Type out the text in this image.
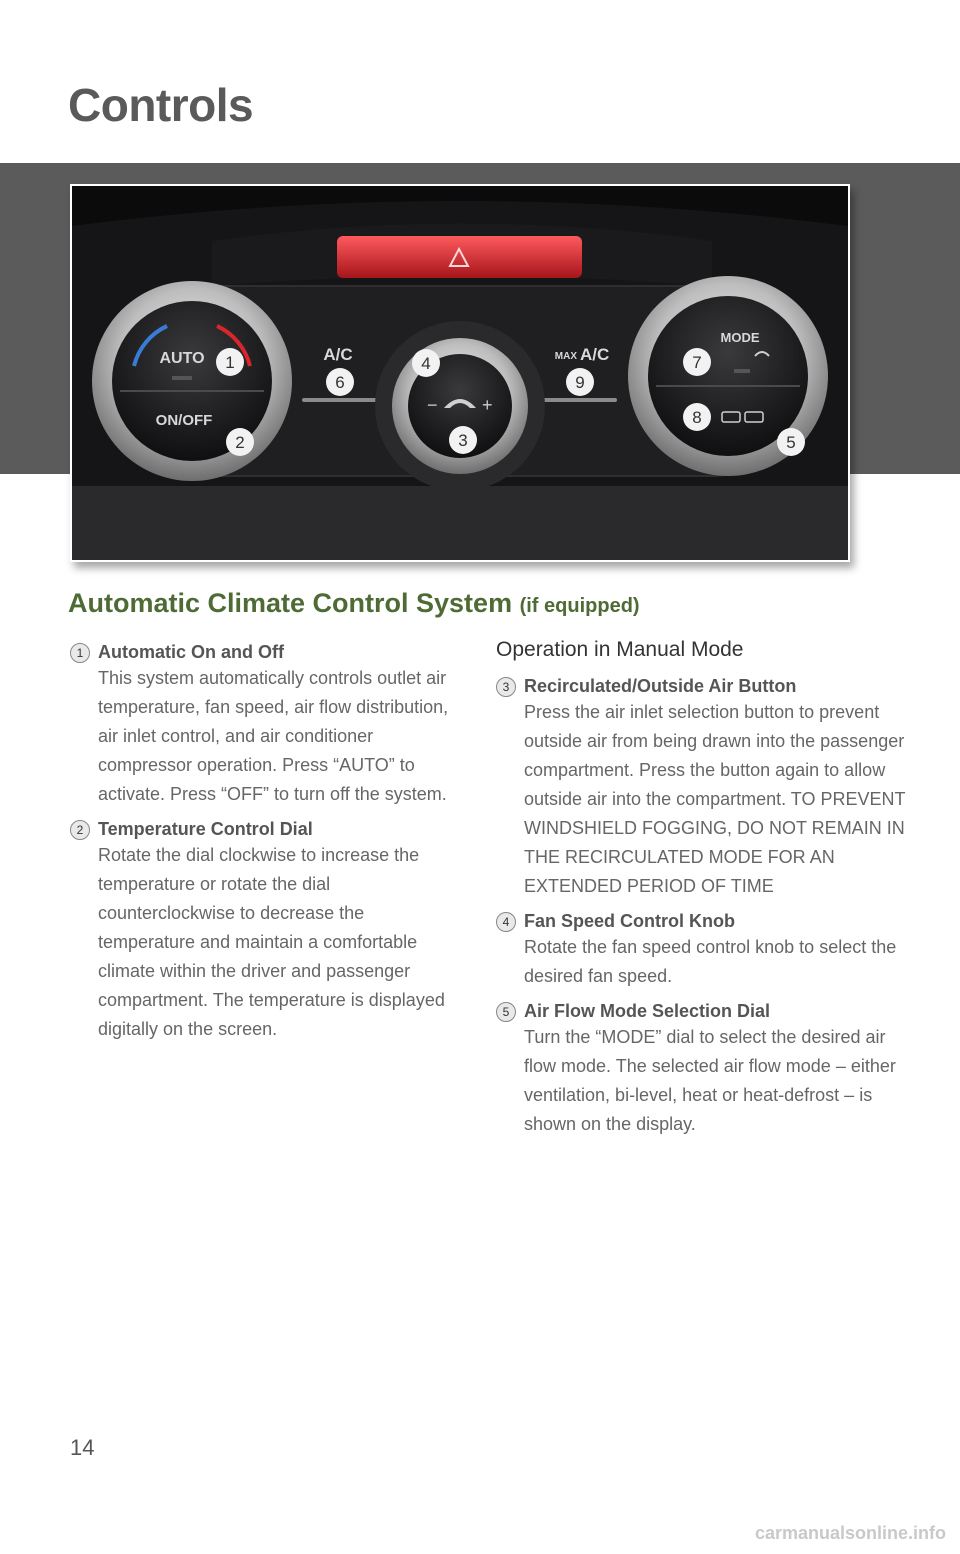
Controls
AUTO
ON/OFF
− +
A/C	MAX A/C
MODE
1
2	3
4
5
6
7
8
9
Automatic Climate Control System (if equipped)
1 Automatic On and Off
This system automatically controls outlet air temperature, fan speed, air flow distribution, air inlet control, and air conditioner compressor operation. Press “AUTO” to activate. Press “OFF” to turn off the system.
2 Temperature Control Dial
Rotate the dial clockwise to increase the temperature or rotate the dial counterclockwise to decrease the temperature and maintain a comfortable climate within the driver and passenger compartment. The temperature is displayed digitally on the screen.
Operation in Manual Mode
3 Recirculated/Outside Air Button
Press the air inlet selection button to prevent outside air from being drawn into the passenger compartment. Press the button again to allow outside air into the compartment. TO PREVENT WINDSHIELD FOGGING, DO NOT REMAIN IN THE RECIRCULATED MODE FOR AN EXTENDED PERIOD OF TIME
4 Fan Speed Control Knob
Rotate the fan speed control knob to select the desired fan speed.
5 Air Flow Mode Selection Dial
Turn the “MODE” dial to select the desired air flow mode. The selected air flow mode – either ventilation, bi-level, heat or heat-defrost – is shown on the display.
14
carmanualsonline.info
